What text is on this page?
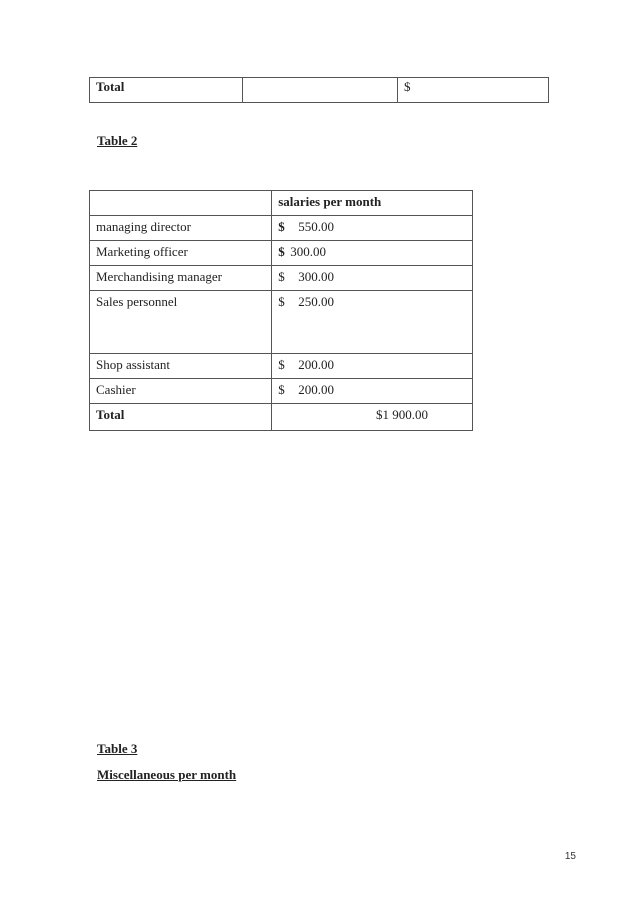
Total		$
Table 2
	salaries per month
managing director	$ 550.00
Marketing officer	$ 300.00
Merchandising manager	$ 300.00
Sales personnel	$ 250.00
Shop assistant	$ 200.00
Cashier	$ 200.00
Total	$1 900.00
Table 3
Miscellaneous per month
15
